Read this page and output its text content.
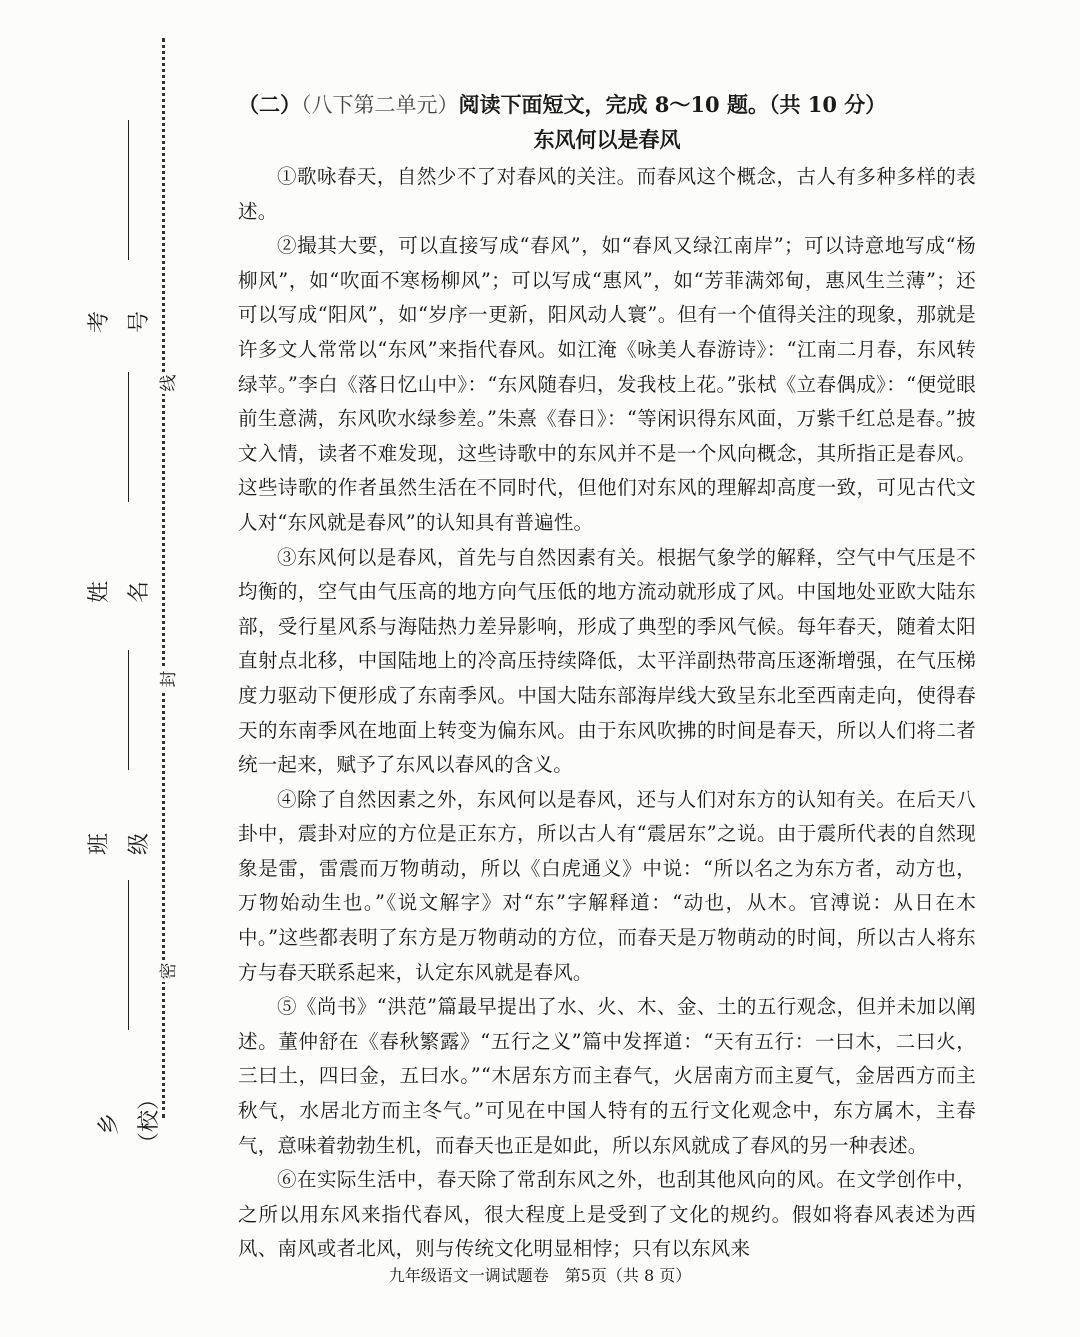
线
封
密
考号
姓名
班级
乡（校）

（二）（八下第二单元）阅读下面短文，完成 8～10 题。（共 10 分）

东风何以是春风

①歌咏春天，自然少不了对春风的关注。而春风这个概念，古人有多种多样的表述。

②撮其大要，可以直接写成“春风”，如“春风又绿江南岸”；可以诗意地写成“杨柳风”，如“吹面不寒杨柳风”；可以写成“惠风”，如“芳菲满郊甸，惠风生兰薄”；还可以写成“阳风”，如“岁序一更新，阳风动人寰”。但有一个值得关注的现象，那就是许多文人常常以“东风”来指代春风。如江淹《咏美人春游诗》：“江南二月春，东风转绿苹。”李白《落日忆山中》：“东风随春归，发我枝上花。”张栻《立春偶成》：“便觉眼前生意满，东风吹水绿参差。”朱熹《春日》：“等闲识得东风面，万紫千红总是春。”披文入情，读者不难发现，这些诗歌中的东风并不是一个风向概念，其所指正是春风。这些诗歌的作者虽然生活在不同时代，但他们对东风的理解却高度一致，可见古代文人对“东风就是春风”的认知具有普遍性。

③东风何以是春风，首先与自然因素有关。根据气象学的解释，空气中气压是不均衡的，空气由气压高的地方向气压低的地方流动就形成了风。中国地处亚欧大陆东部，受行星风系与海陆热力差异影响，形成了典型的季风气候。每年春天，随着太阳直射点北移，中国陆地上的冷高压持续降低，太平洋副热带高压逐渐增强，在气压梯度力驱动下便形成了东南季风。中国大陆东部海岸线大致呈东北至西南走向，使得春天的东南季风在地面上转变为偏东风。由于东风吹拂的时间是春天，所以人们将二者统一起来，赋予了东风以春风的含义。

④除了自然因素之外，东风何以是春风，还与人们对东方的认知有关。在后天八卦中，震卦对应的方位是正东方，所以古人有“震居东”之说。由于震所代表的自然现象是雷，雷震而万物萌动，所以《白虎通义》中说：“所以名之为东方者，动方也，万物始动生也。”《说文解字》对“东”字解释道：“动也，从木。官溥说：从日在木中。”这些都表明了东方是万物萌动的方位，而春天是万物萌动的时间，所以古人将东方与春天联系起来，认定东风就是春风。

⑤《尚书》“洪范”篇最早提出了水、火、木、金、土的五行观念，但并未加以阐述。董仲舒在《春秋繁露》“五行之义”篇中发挥道：“天有五行：一曰木，二曰火，三曰土，四曰金，五曰水。”“木居东方而主春气，火居南方而主夏气，金居西方而主秋气，水居北方而主冬气。”可见在中国人特有的五行文化观念中，东方属木，主春气，意味着勃勃生机，而春天也正是如此，所以东风就成了春风的另一种表述。

⑥在实际生活中，春天除了常刮东风之外，也刮其他风向的风。在文学创作中，之所以用东风来指代春风，很大程度上是受到了文化的规约。假如将春风表述为西风、南风或者北风，则与传统文化明显相悖；只有以东风来

九年级语文一调试题卷　第5页（共 8 页）
